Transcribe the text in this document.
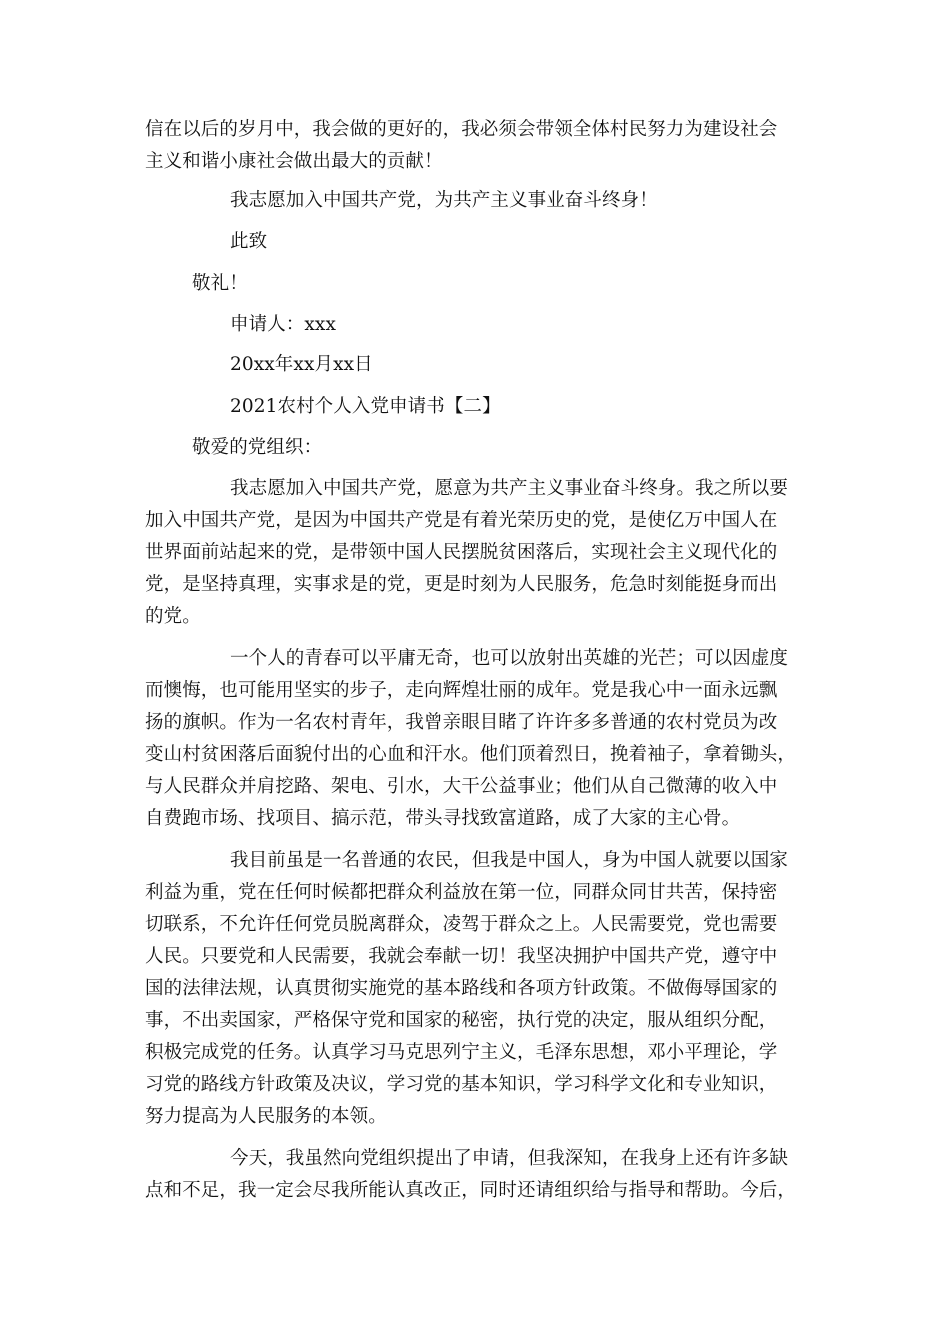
信在以后的岁月中，我会做的更好的，我必须会带领全体村民努力为建设社会
主义和谐小康社会做出最大的贡献！
我志愿加入中国共产党，为共产主义事业奋斗终身！
此致
敬礼！
申请人：xxx
20xx年xx月xx日
2021农村个人入党申请书【二】
敬爱的党组织：
我志愿加入中国共产党，愿意为共产主义事业奋斗终身。我之所以要
加入中国共产党，是因为中国共产党是有着光荣历史的党，是使亿万中国人在
世界面前站起来的党，是带领中国人民摆脱贫困落后，实现社会主义现代化的
党，是坚持真理，实事求是的党，更是时刻为人民服务，危急时刻能挺身而出
的党。
一个人的青春可以平庸无奇，也可以放射出英雄的光芒；可以因虚度
而懊悔，也可能用坚实的步子，走向辉煌壮丽的成年。党是我心中一面永远飘
扬的旗帜。作为一名农村青年，我曾亲眼目睹了许许多多普通的农村党员为改
变山村贫困落后面貌付出的心血和汗水。他们顶着烈日，挽着袖子，拿着锄头，
与人民群众并肩挖路、架电、引水，大干公益事业；他们从自己微薄的收入中
自费跑市场、找项目、搞示范，带头寻找致富道路，成了大家的主心骨。
我目前虽是一名普通的农民，但我是中国人，身为中国人就要以国家
利益为重，党在任何时候都把群众利益放在第一位，同群众同甘共苦，保持密
切联系，不允许任何党员脱离群众，凌驾于群众之上。人民需要党，党也需要
人民。只要党和人民需要，我就会奉献一切！我坚决拥护中国共产党，遵守中
国的法律法规，认真贯彻实施党的基本路线和各项方针政策。不做侮辱国家的
事，不出卖国家，严格保守党和国家的秘密，执行党的决定，服从组织分配，
积极完成党的任务。认真学习马克思列宁主义，毛泽东思想，邓小平理论，学
习党的路线方针政策及决议，学习党的基本知识，学习科学文化和专业知识，
努力提高为人民服务的本领。
今天，我虽然向党组织提出了申请，但我深知，在我身上还有许多缺
点和不足，我一定会尽我所能认真改正，同时还请组织给与指导和帮助。今后，
